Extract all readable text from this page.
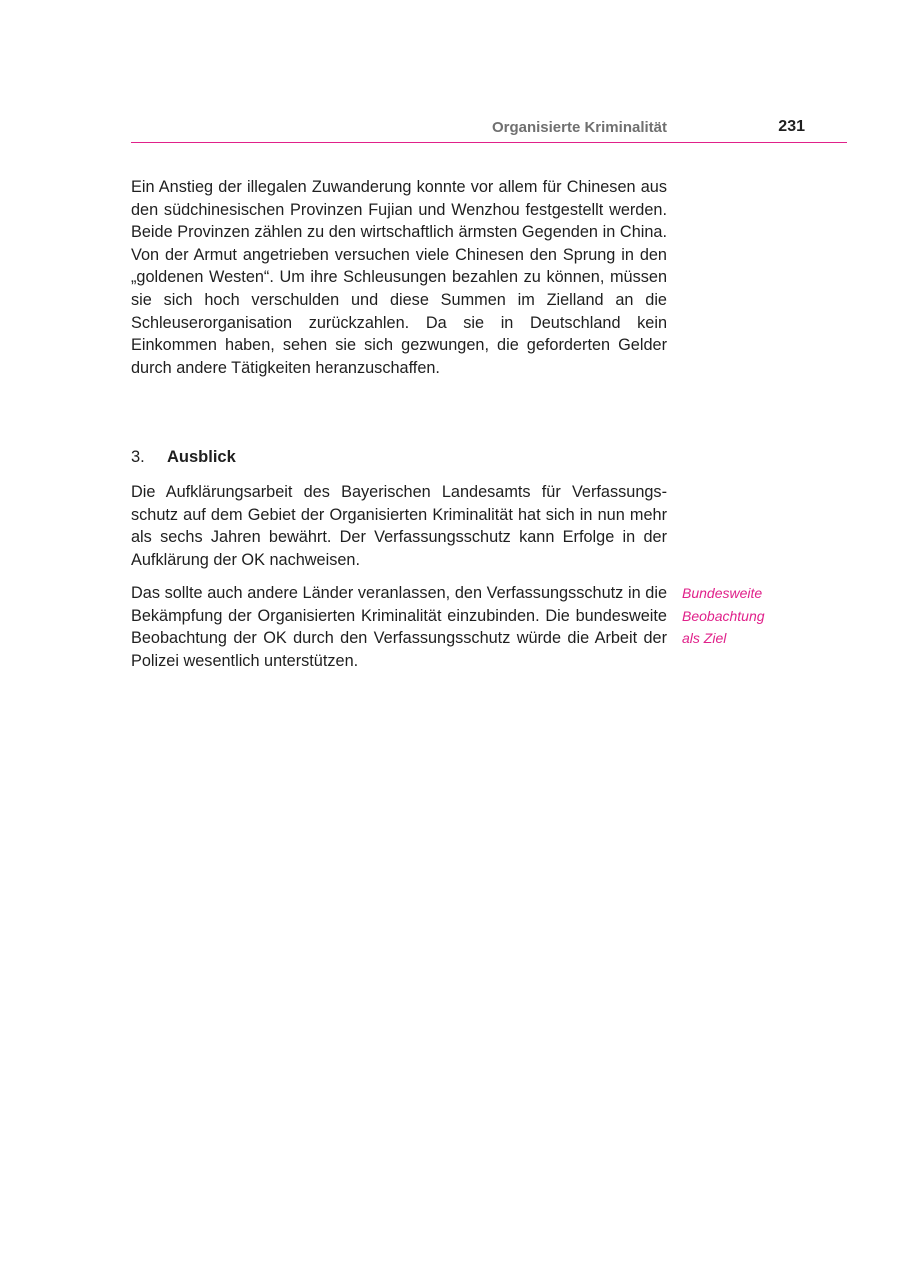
Organisierte Kriminalität	231

Ein Anstieg der illegalen Zuwanderung konnte vor allem für Chinesen aus den südchinesischen Provinzen Fujian und Wenzhou festgestellt werden. Beide Provinzen zählen zu den wirtschaftlich ärmsten Gegenden in China. Von der Armut angetrieben versuchen viele Chinesen den Sprung in den „goldenen Westen“. Um ihre Schleusungen bezahlen zu können, müssen sie sich hoch verschulden und diese Summen im Zielland an die Schleuserorganisation zurückzahlen. Da sie in Deutschland kein Einkommen haben, sehen sie sich gezwungen, die geforderten Gelder durch andere Tätigkeiten heranzuschaffen.

3. Ausblick

Die Aufklärungsarbeit des Bayerischen Landesamts für Verfassungsschutz auf dem Gebiet der Organisierten Kriminalität hat sich in nun mehr als sechs Jahren bewährt. Der Verfassungsschutz kann Erfolge in der Aufklärung der OK nachweisen.

Das sollte auch andere Länder veranlassen, den Verfassungsschutz in die Bekämpfung der Organisierten Kriminalität einzubinden. Die bundesweite Beobachtung der OK durch den Verfassungsschutz würde die Arbeit der Polizei wesentlich unterstützen.

Bundesweite
Beobachtung
als Ziel
